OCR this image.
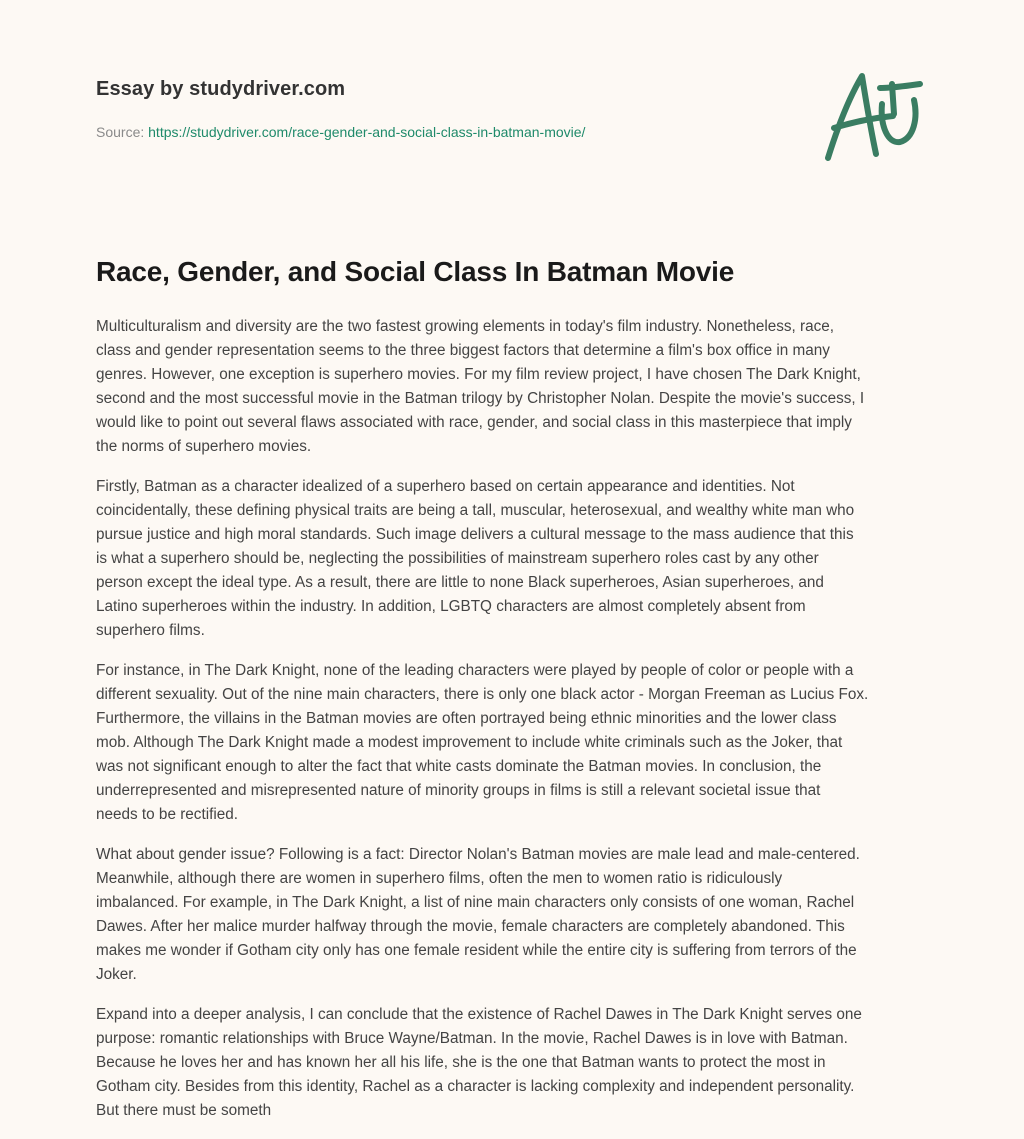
Essay by studydriver.com
Source: https://studydriver.com/race-gender-and-social-class-in-batman-movie/
Race, Gender, and Social Class In Batman Movie

Multiculturalism and diversity are the two fastest growing elements in today's film industry. Nonetheless, race,
class and gender representation seems to the three biggest factors that determine a film's box office in many
genres. However, one exception is superhero movies. For my film review project, I have chosen The Dark Knight,
second and the most successful movie in the Batman trilogy by Christopher Nolan. Despite the movie's success, I
would like to point out several flaws associated with race, gender, and social class in this masterpiece that imply
the norms of superhero movies.

Firstly, Batman as a character idealized of a superhero based on certain appearance and identities. Not
coincidentally, these defining physical traits are being a tall, muscular, heterosexual, and wealthy white man who
pursue justice and high moral standards. Such image delivers a cultural message to the mass audience that this
is what a superhero should be, neglecting the possibilities of mainstream superhero roles cast by any other
person except the ideal type. As a result, there are little to none Black superheroes, Asian superheroes, and
Latino superheroes within the industry. In addition, LGBTQ characters are almost completely absent from
superhero films.

For instance, in The Dark Knight, none of the leading characters were played by people of color or people with a
different sexuality. Out of the nine main characters, there is only one black actor - Morgan Freeman as Lucius Fox.
Furthermore, the villains in the Batman movies are often portrayed being ethnic minorities and the lower class
mob. Although The Dark Knight made a modest improvement to include white criminals such as the Joker, that
was not significant enough to alter the fact that white casts dominate the Batman movies. In conclusion, the
underrepresented and misrepresented nature of minority groups in films is still a relevant societal issue that
needs to be rectified.

What about gender issue? Following is a fact: Director Nolan's Batman movies are male lead and male-centered.
Meanwhile, although there are women in superhero films, often the men to women ratio is ridiculously
imbalanced. For example, in The Dark Knight, a list of nine main characters only consists of one woman, Rachel
Dawes. After her malice murder halfway through the movie, female characters are completely abandoned. This
makes me wonder if Gotham city only has one female resident while the entire city is suffering from terrors of the
Joker.

Expand into a deeper analysis, I can conclude that the existence of Rachel Dawes in The Dark Knight serves one
purpose: romantic relationships with Bruce Wayne/Batman. In the movie, Rachel Dawes is in love with Batman.
Because he loves her and has known her all his life, she is the one that Batman wants to protect the most in
Gotham city. Besides from this identity, Rachel as a character is lacking complexity and independent personality.
But there must be someth
